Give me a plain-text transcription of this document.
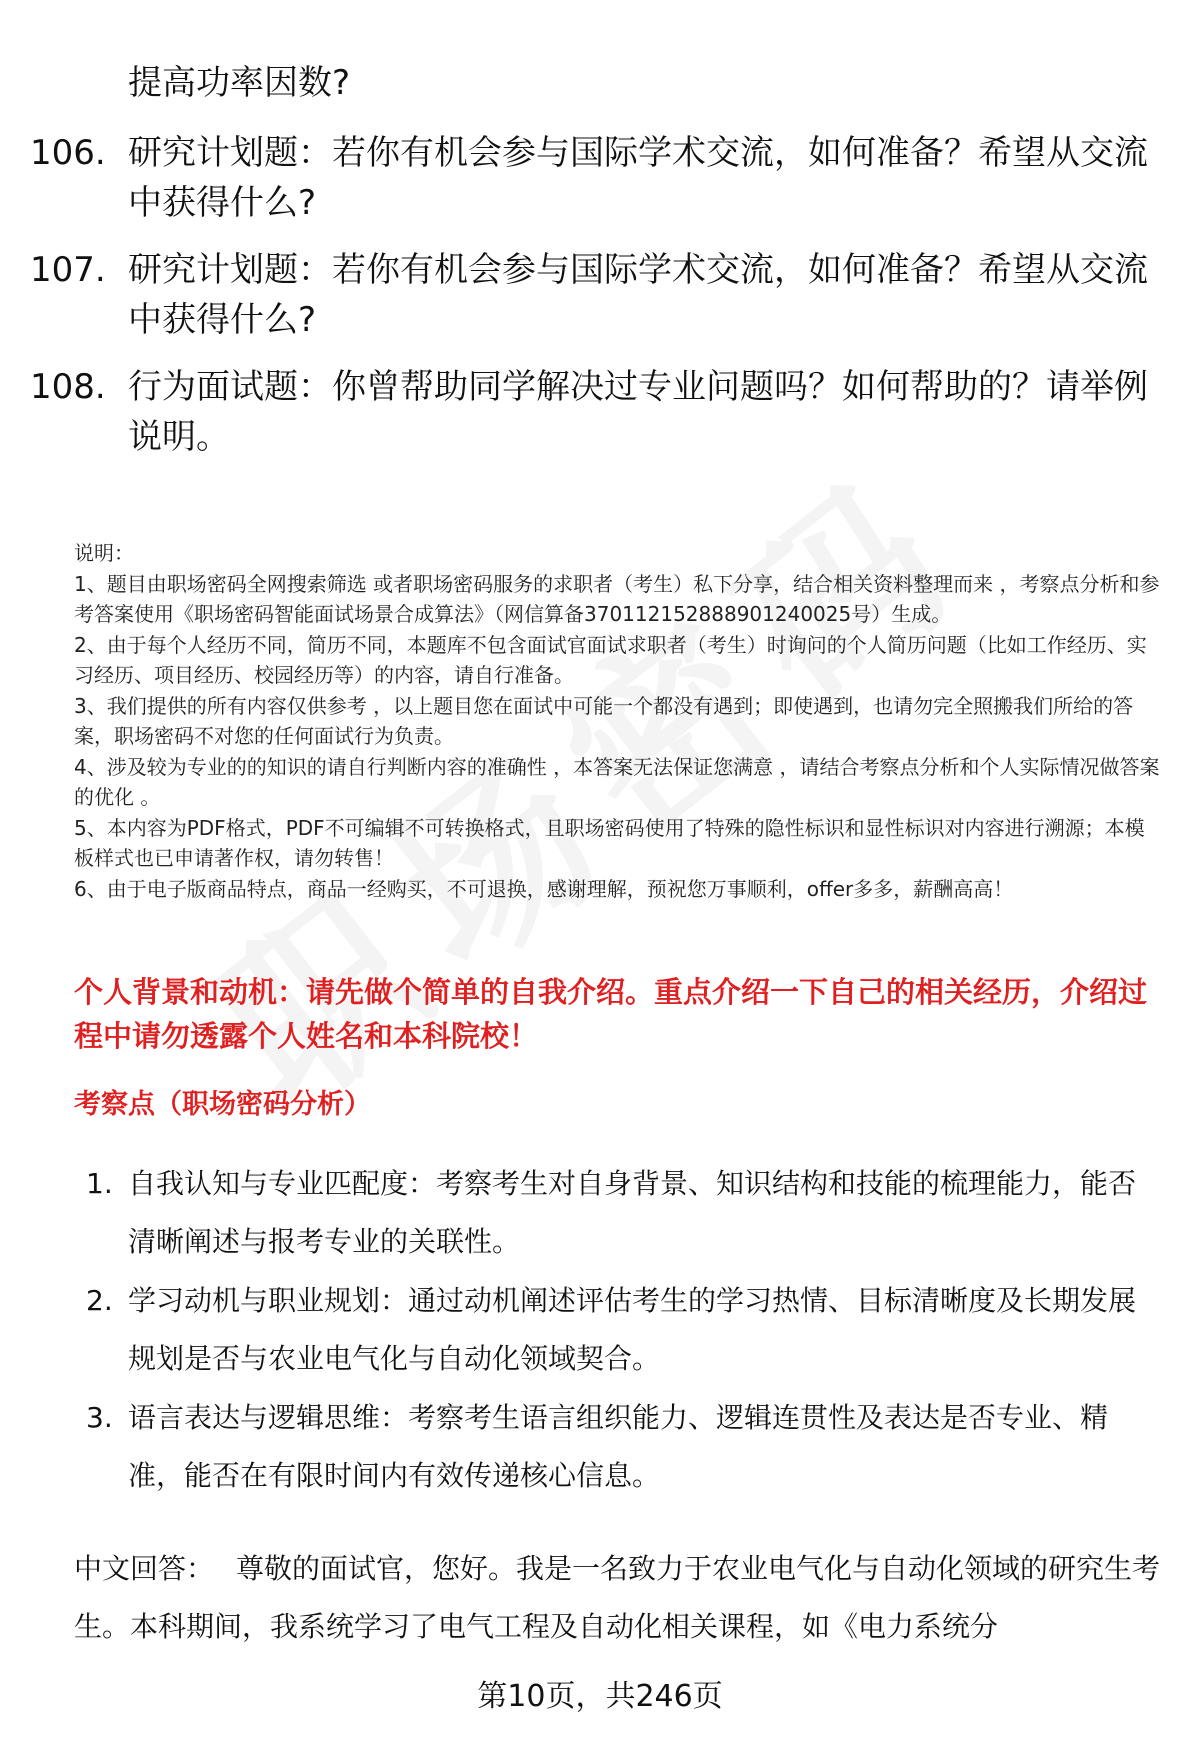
提高功率因数?
106. 研究计划题：若你有机会参与国际学术交流，如何准备？希望从交流中获得什么?
107. 研究计划题：若你有机会参与国际学术交流，如何准备？希望从交流中获得什么?
108. 行为面试题：你曾帮助同学解决过专业问题吗？如何帮助的？请举例说明。

说明：

1、题目由职场密码全网搜索筛选 或者职场密码服务的求职者（考生）私下分享，结合相关资料整理而来 ，考察点分析和参考答案使用《职场密码智能面试场景合成算法》（网信算备370112152888901240025号）生成。

2、由于每个人经历不同，简历不同，本题库不包含面试官面试求职者（考生）时询问的个人简历问题（比如工作经历、实习经历、项目经历、校园经历等）的内容，请自行准备。

3、我们提供的所有内容仅供参考 ，以上题目您在面试中可能一个都没有遇到；即使遇到，也请勿完全照搬我们所给的答案，职场密码不对您的任何面试行为负责。

4、涉及较为专业的的知识的请自行判断内容的准确性 ，本答案无法保证您满意 ，请结合考察点分析和个人实际情况做答案的优化 。

5、本内容为PDF格式，PDF不可编辑不可转换格式，且职场密码使用了特殊的隐性标识和显性标识对内容进行溯源；本模板样式也已申请著作权，请勿转售！

6、由于电子版商品特点，商品一经购买，不可退换，感谢理解，预祝您万事顺利，offer多多，薪酬高高！

个人背景和动机：请先做个简单的自我介绍。重点介绍一下自己的相关经历，介绍过程中请勿透露个人姓名和本科院校！
考察点（职场密码分析）
1. 自我认知与专业匹配度：考察考生对自身背景、知识结构和技能的梳理能力，能否清晰阐述与报考专业的关联性。
2. 学习动机与职业规划：通过动机阐述评估考生的学习热情、目标清晰度及长期发展规划是否与农业电气化与自动化领域契合。
3. 语言表达与逻辑思维：考察考生语言组织能力、逻辑连贯性及表达是否专业、精准，能否在有限时间内有效传递核心信息。
中文回答： 尊敬的面试官，您好。我是一名致力于农业电气化与自动化领域的研究生考生。本科期间，我系统学习了电气工程及自动化相关课程，如《电力系统分
第10页，共246页
